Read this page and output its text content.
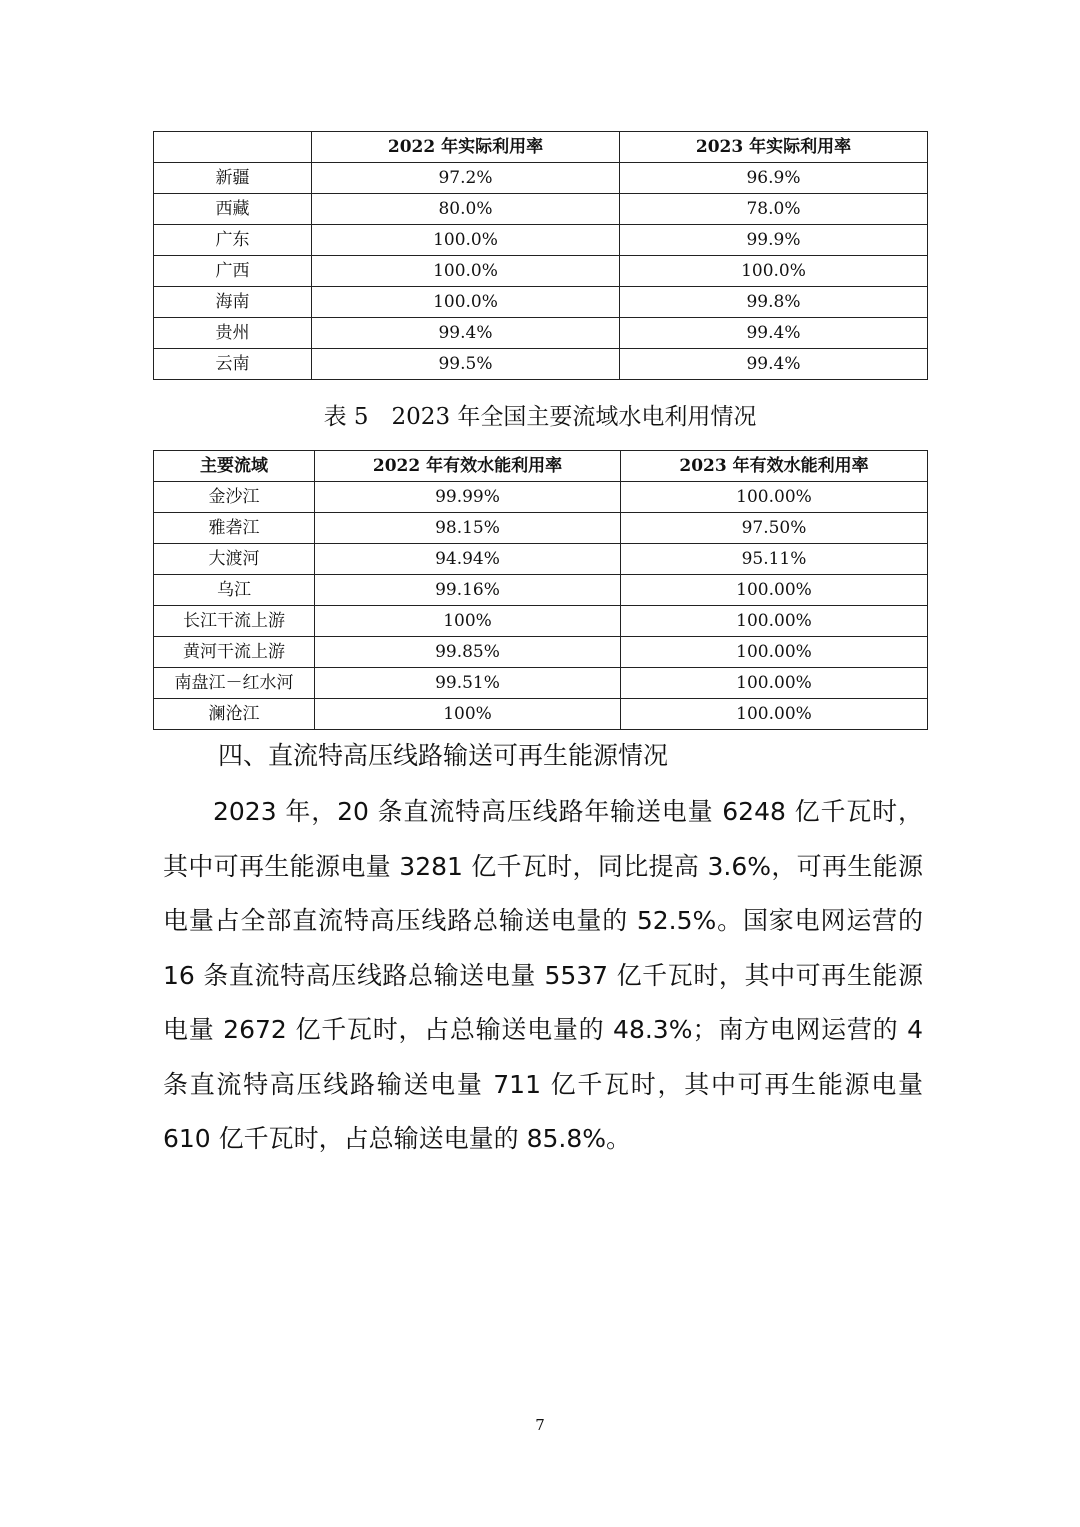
	2022 年实际利用率	2023 年实际利用率
新疆	97.2%	96.9%
西藏	80.0%	78.0%
广东	100.0%	99.9%
广西	100.0%	100.0%
海南	100.0%	99.8%
贵州	99.4%	99.4%
云南	99.5%	99.4%
表 5　2023 年全国主要流域水电利用情况
主要流域	2022 年有效水能利用率	2023 年有效水能利用率
金沙江	99.99%	100.00%
雅砻江	98.15%	97.50%
大渡河	94.94%	95.11%
乌江	99.16%	100.00%
长江干流上游	100%	100.00%
黄河干流上游	99.85%	100.00%
南盘江－红水河	99.51%	100.00%
澜沧江	100%	100.00%
四、直流特高压线路输送可再生能源情况

2023 年，20 条直流特高压线路年输送电量 6248 亿千瓦时，其中可再生能源电量 3281 亿千瓦时，同比提高 3.6%，可再生能源电量占全部直流特高压线路总输送电量的 52.5%。国家电网运营的 16 条直流特高压线路总输送电量 5537 亿千瓦时，其中可再生能源电量 2672 亿千瓦时，占总输送电量的 48.3%；南方电网运营的 4 条直流特高压线路输送电量 711 亿千瓦时，其中可再生能源电量 610 亿千瓦时，占总输送电量的 85.8%。

7
